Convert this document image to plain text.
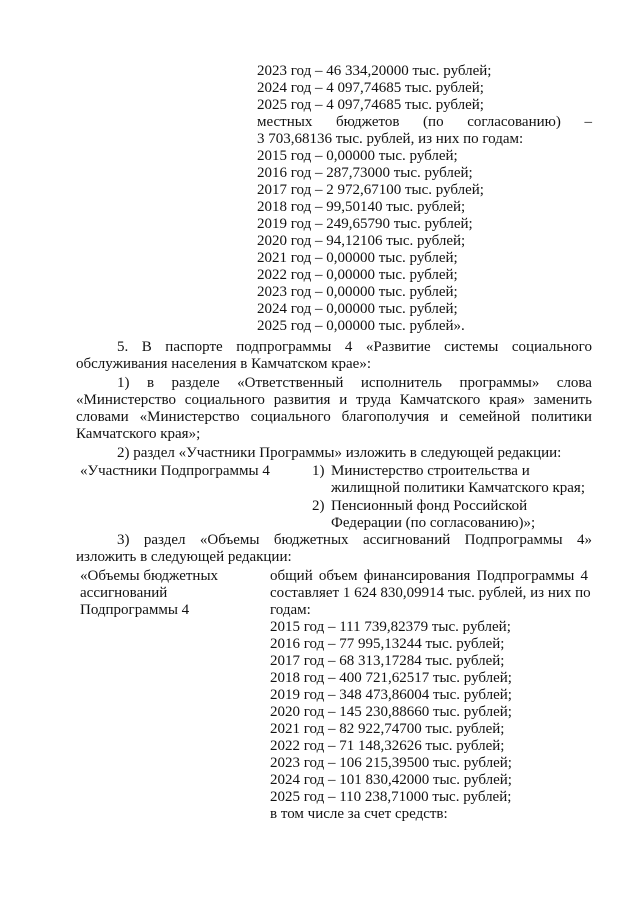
2023 год – 46 334,20000 тыс. рублей;
2024 год – 4 097,74685 тыс. рублей;
2025 год – 4 097,74685 тыс. рублей;
местных бюджетов (по согласованию) –
3 703,68136 тыс. рублей, из них по годам:
2015 год – 0,00000 тыс. рублей;
2016 год – 287,73000 тыс. рублей;
2017 год – 2 972,67100 тыс. рублей;
2018 год – 99,50140 тыс. рублей;
2019 год – 249,65790 тыс. рублей;
2020 год – 94,12106 тыс. рублей;
2021 год – 0,00000 тыс. рублей;
2022 год – 0,00000 тыс. рублей;
2023 год – 0,00000 тыс. рублей;
2024 год – 0,00000 тыс. рублей;
2025 год – 0,00000 тыс. рублей».
5. В паспорте подпрограммы 4 «Развитие системы социального
обслуживания населения в Камчатском крае»:
1) в разделе «Ответственный исполнитель программы» слова
«Министерство социального развития и труда Камчатского края» заменить
словами «Министерство социального благополучия и семейной политики
Камчатского края»;
2) раздел «Участники Программы» изложить в следующей редакции:
«Участники Подпрограммы 4	1) Министерство строительства и
жилищной политики Камчатского края;
2) Пенсионный фонд Российской
Федерации (по согласованию)»;
3) раздел «Объемы бюджетных ассигнований Подпрограммы 4»
изложить в следующей редакции:
«Объемы бюджетных
ассигнований
Подпрограммы 4
общий объем финансирования Подпрограммы 4
составляет 1 624 830,09914 тыс. рублей, из них по
годам:
2015 год – 111 739,82379 тыс. рублей;
2016 год – 77 995,13244 тыс. рублей;
2017 год – 68 313,17284 тыс. рублей;
2018 год – 400 721,62517 тыс. рублей;
2019 год – 348 473,86004 тыс. рублей;
2020 год – 145 230,88660 тыс. рублей;
2021 год – 82 922,74700 тыс. рублей;
2022 год – 71 148,32626 тыс. рублей;
2023 год – 106 215,39500 тыс. рублей;
2024 год – 101 830,42000 тыс. рублей;
2025 год – 110 238,71000 тыс. рублей;
в том числе за счет средств:
